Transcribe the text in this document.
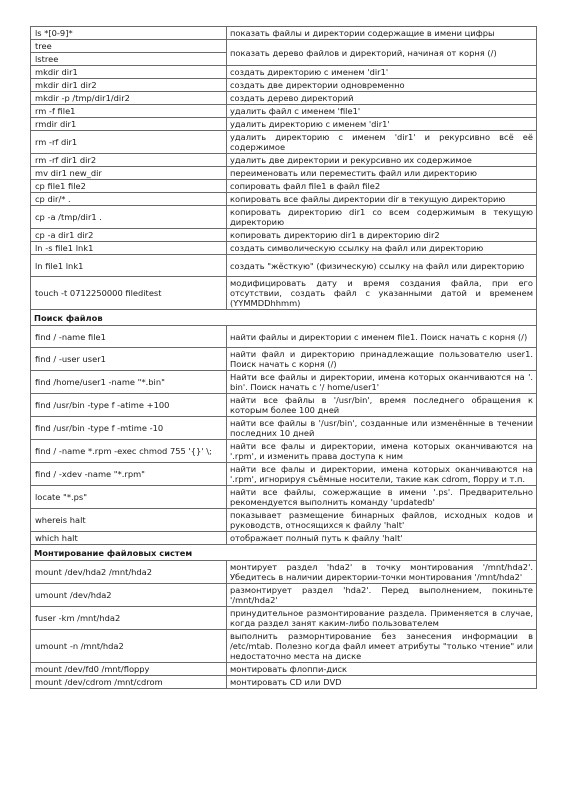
ls *[0-9]*	показать файлы и директории содержащие в имени цифры
tree	показать дерево файлов и директорий, начиная от корня (/)
lstree	
mkdir dir1	создать директорию с именем 'dir1'
mkdir dir1 dir2	создать две директории одновременно
mkdir -p /tmp/dir1/dir2	создать дерево директорий
rm -f file1	удалить файл с именем 'file1'
rmdir dir1	удалить директорию с именем 'dir1'
rm -rf dir1	удалить директорию с именем 'dir1' и рекурсивно всё её содержимое
rm -rf dir1 dir2	удалить две директории и рекурсивно их содержимое
mv dir1 new_dir	переименовать или переместить файл или директорию
cp file1 file2	сопировать файл file1 в файл file2
cp dir/* .	копировать все файлы директории dir в текущую директорию
cp -a /tmp/dir1 .	копировать директорию dir1 со всем содержимым в текущую директорию
cp -a dir1 dir2	копировать директорию dir1 в директорию dir2
ln -s file1 lnk1	создать символическую ссылку на файл или директорию
ln file1 lnk1	создать "жёсткую" (физическую) ссылку на файл или директорию
touch -t 0712250000 fileditest	модифицировать дату и время создания файла, при его отсутствии, создать файл с указанными датой и временем (YYMMDDhhmm)
Поиск файлов	
find / -name file1	найти файлы и директории с именем file1. Поиск начать с корня (/)
find / -user user1	найти файл и директорию принадлежащие пользователю user1. Поиск начать с корня (/)
find /home/user1 -name "*.bin"	Найти все файлы и директории, имена которых оканчиваются на '. bin'. Поиск начать с '/ home/user1'
find /usr/bin -type f -atime +100	найти все файлы в '/usr/bin', время последнего обращения к которым более 100 дней
find /usr/bin -type f -mtime -10	найти все файлы в '/usr/bin', созданные или изменённые в течении последних 10 дней
find / -name *.rpm -exec chmod 755 '{}' \;	найти все фалы и директории, имена которых оканчиваются на '.rpm', и изменить права доступа к ним
find / -xdev -name "*.rpm"	найти все фалы и директории, имена которых оканчиваются на '.rpm', игнорируя съёмные носители, такие как cdrom, floppy и т.п.
locate "*.ps"	найти все файлы, сожержащие в имени '.ps'. Предварительно рекомендуется выполнить команду 'updatedb'
whereis halt	показывает размещение бинарных файлов, исходных кодов и руководств, относящихся к файлу 'halt'
which halt	отображает полный путь к файлу 'halt'
Монтирование файловых систем	
mount /dev/hda2 /mnt/hda2	монтирует раздел 'hda2' в точку монтирования '/mnt/hda2'. Убедитесь в наличии директории-точки монтирования '/mnt/hda2'
umount /dev/hda2	размонтирует раздел 'hda2'. Перед выполнением, покиньте '/mnt/hda2'
fuser -km /mnt/hda2	принудительное размонтирование раздела. Применяется в случае, когда раздел занят каким-либо пользователем
umount -n /mnt/hda2	выполнить разморнтирование без занесения информации в /etc/mtab. Полезно когда файл имеет атрибуты "только чтение" или недостаточно места на диске
mount /dev/fd0 /mnt/floppy	монтировать флоппи-диск
mount /dev/cdrom /mnt/cdrom	монтировать CD или DVD
